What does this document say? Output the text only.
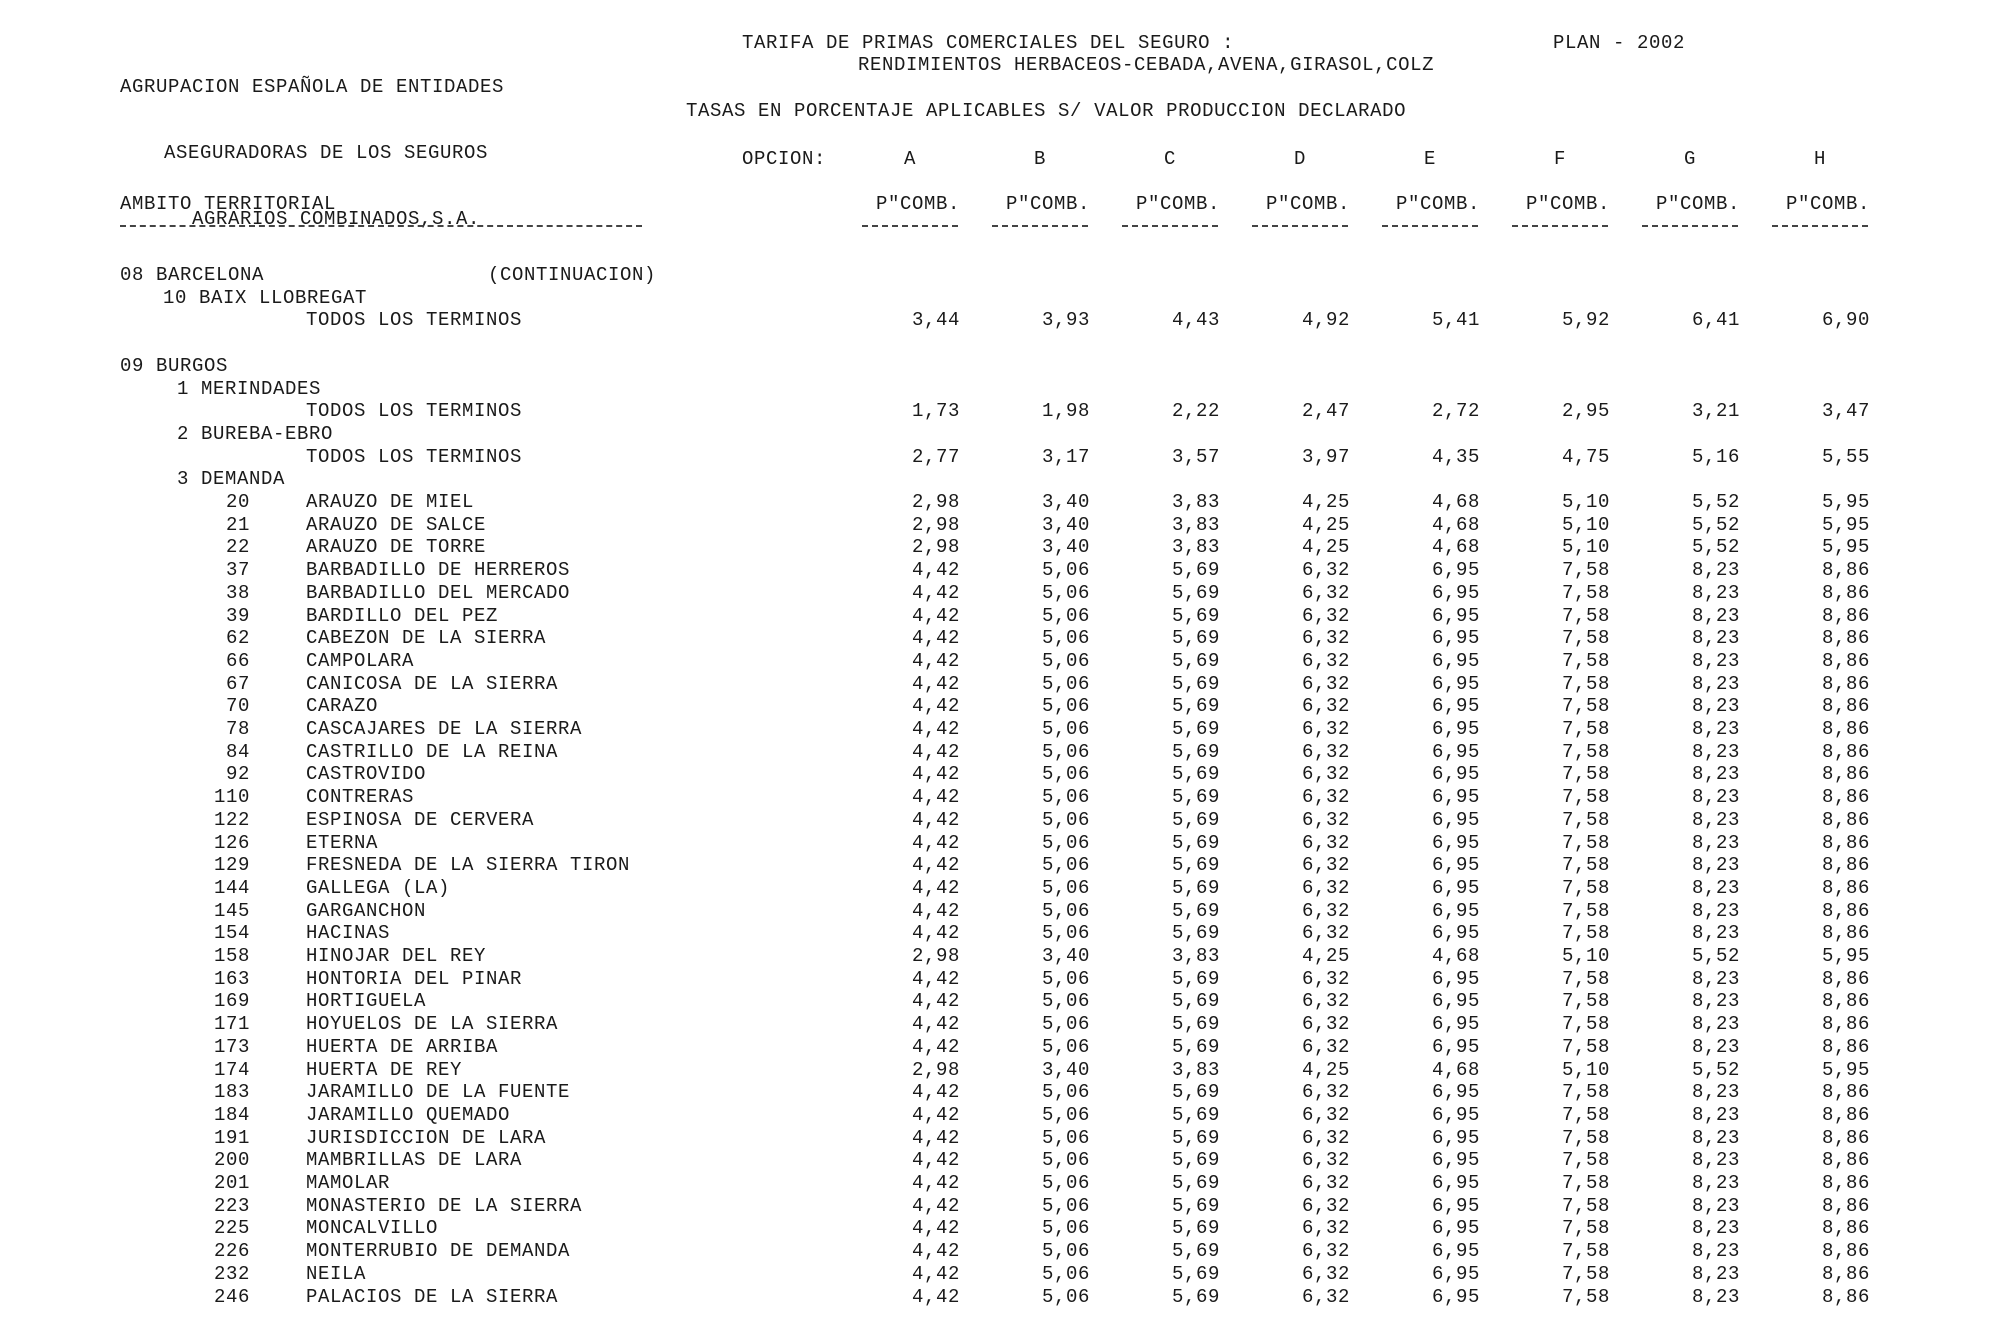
AGRUPACION ESPAÑOLA DE ENTIDADES

ASEGURADORAS DE LOS SEGUROS

AGRARIOS COMBINADOS,S.A.

TARIFA DE PRIMAS COMERCIALES DEL SEGURO :	PLAN - 2002
RENDIMIENTOS HERBACEOS-CEBADA,AVENA,GIRASOL,COLZ
TASAS EN PORCENTAJE APLICABLES S/ VALOR PRODUCCION DECLARADO
OPCION:
AMBITO TERRITORIAL
A	B	C	D	E	F	G	H
P"COMB.	P"COMB.	P"COMB.	P"COMB.	P"COMB.	P"COMB.	P"COMB.	P"COMB.
08 BARCELONA	(CONTINUACION)
10 BAIX LLOBREGAT
TODOS LOS TERMINOS	3,44	3,93	4,43	4,92	5,41	5,92	6,41	6,90
09 BURGOS
1 MERINDADES
TODOS LOS TERMINOS	1,73	1,98	2,22	2,47	2,72	2,95	3,21	3,47
2 BUREBA-EBRO
TODOS LOS TERMINOS	2,77	3,17	3,57	3,97	4,35	4,75	5,16	5,55
3 DEMANDA
20	ARAUZO DE MIEL	2,98	3,40	3,83	4,25	4,68	5,10	5,52	5,95
21	ARAUZO DE SALCE	2,98	3,40	3,83	4,25	4,68	5,10	5,52	5,95
22	ARAUZO DE TORRE	2,98	3,40	3,83	4,25	4,68	5,10	5,52	5,95
37	BARBADILLO DE HERREROS	4,42	5,06	5,69	6,32	6,95	7,58	8,23	8,86
38	BARBADILLO DEL MERCADO	4,42	5,06	5,69	6,32	6,95	7,58	8,23	8,86
39	BARDILLO DEL PEZ	4,42	5,06	5,69	6,32	6,95	7,58	8,23	8,86
62	CABEZON DE LA SIERRA	4,42	5,06	5,69	6,32	6,95	7,58	8,23	8,86
66	CAMPOLARA	4,42	5,06	5,69	6,32	6,95	7,58	8,23	8,86
67	CANICOSA DE LA SIERRA	4,42	5,06	5,69	6,32	6,95	7,58	8,23	8,86
70	CARAZO	4,42	5,06	5,69	6,32	6,95	7,58	8,23	8,86
78	CASCAJARES DE LA SIERRA	4,42	5,06	5,69	6,32	6,95	7,58	8,23	8,86
84	CASTRILLO DE LA REINA	4,42	5,06	5,69	6,32	6,95	7,58	8,23	8,86
92	CASTROVIDO	4,42	5,06	5,69	6,32	6,95	7,58	8,23	8,86
110	CONTRERAS	4,42	5,06	5,69	6,32	6,95	7,58	8,23	8,86
122	ESPINOSA DE CERVERA	4,42	5,06	5,69	6,32	6,95	7,58	8,23	8,86
126	ETERNA	4,42	5,06	5,69	6,32	6,95	7,58	8,23	8,86
129	FRESNEDA DE LA SIERRA TIRON	4,42	5,06	5,69	6,32	6,95	7,58	8,23	8,86
144	GALLEGA (LA)	4,42	5,06	5,69	6,32	6,95	7,58	8,23	8,86
145	GARGANCHON	4,42	5,06	5,69	6,32	6,95	7,58	8,23	8,86
154	HACINAS	4,42	5,06	5,69	6,32	6,95	7,58	8,23	8,86
158	HINOJAR DEL REY	2,98	3,40	3,83	4,25	4,68	5,10	5,52	5,95
163	HONTORIA DEL PINAR	4,42	5,06	5,69	6,32	6,95	7,58	8,23	8,86
169	HORTIGUELA	4,42	5,06	5,69	6,32	6,95	7,58	8,23	8,86
171	HOYUELOS DE LA SIERRA	4,42	5,06	5,69	6,32	6,95	7,58	8,23	8,86
173	HUERTA DE ARRIBA	4,42	5,06	5,69	6,32	6,95	7,58	8,23	8,86
174	HUERTA DE REY	2,98	3,40	3,83	4,25	4,68	5,10	5,52	5,95
183	JARAMILLO DE LA FUENTE	4,42	5,06	5,69	6,32	6,95	7,58	8,23	8,86
184	JARAMILLO QUEMADO	4,42	5,06	5,69	6,32	6,95	7,58	8,23	8,86
191	JURISDICCION DE LARA	4,42	5,06	5,69	6,32	6,95	7,58	8,23	8,86
200	MAMBRILLAS DE LARA	4,42	5,06	5,69	6,32	6,95	7,58	8,23	8,86
201	MAMOLAR	4,42	5,06	5,69	6,32	6,95	7,58	8,23	8,86
223	MONASTERIO DE LA SIERRA	4,42	5,06	5,69	6,32	6,95	7,58	8,23	8,86
225	MONCALVILLO	4,42	5,06	5,69	6,32	6,95	7,58	8,23	8,86
226	MONTERRUBIO DE DEMANDA	4,42	5,06	5,69	6,32	6,95	7,58	8,23	8,86
232	NEILA	4,42	5,06	5,69	6,32	6,95	7,58	8,23	8,86
246	PALACIOS DE LA SIERRA	4,42	5,06	5,69	6,32	6,95	7,58	8,23	8,86
